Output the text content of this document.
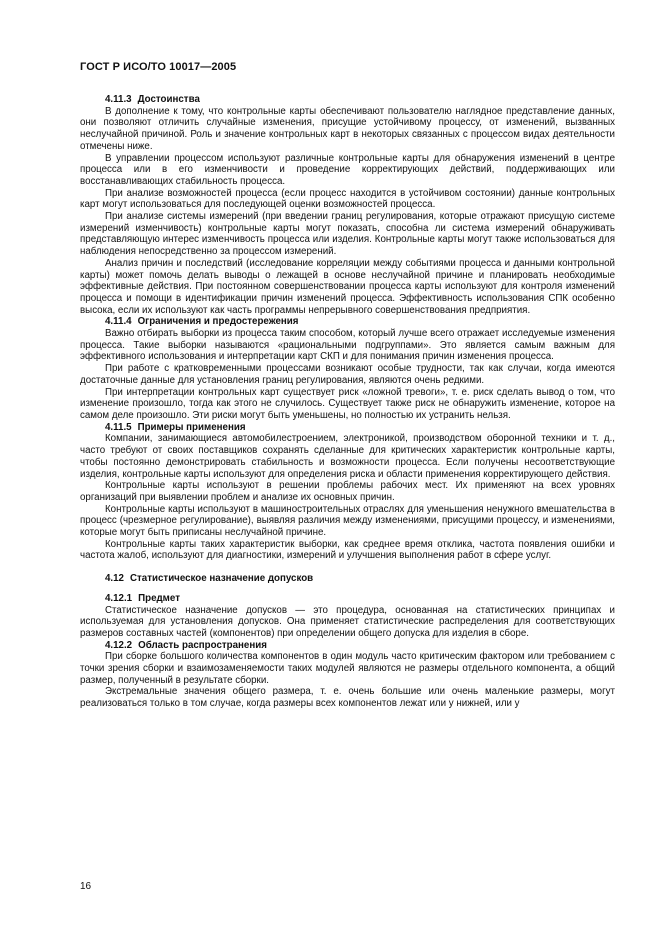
ГОСТ Р ИСО/ТО 10017—2005
4.11.3 Достоинства

В дополнение к тому, что контрольные карты обеспечивают пользователю наглядное представление данных, они позволяют отличить случайные изменения, присущие устойчивому процессу, от изменений, вызванных неслучайной причиной. Роль и значение контрольных карт в некоторых связанных с процессом видах деятельности отмечены ниже.

В управлении процессом используют различные контрольные карты для обнаружения изменений в центре процесса или в его изменчивости и проведение корректирующих действий, поддерживающих или восстанавливающих стабильность процесса.

При анализе возможностей процесса (если процесс находится в устойчивом состоянии) данные контрольных карт могут использоваться для последующей оценки возможностей процесса.

При анализе системы измерений (при введении границ регулирования, которые отражают присущую системе измерений изменчивость) контрольные карты могут показать, способна ли система измерений обнаруживать представляющую интерес изменчивость процесса или изделия. Контрольные карты могут также использоваться для наблюдения непосредственно за процессом измерений.

Анализ причин и последствий (исследование корреляции между событиями процесса и данными контрольной карты) может помочь делать выводы о лежащей в основе неслучайной причине и планировать необходимые эффективные действия. При постоянном совершенствовании процесса карты используют для контроля изменений процесса и помощи в идентификации причин изменений процесса. Эффективность использования СПК особенно высока, если их используют как часть программы непрерывного совершенствования предприятия.

4.11.4 Ограничения и предостережения

Важно отбирать выборки из процесса таким способом, который лучше всего отражает исследуемые изменения процесса. Такие выборки называются «рациональными подгруппами». Это является самым важным для эффективного использования и интерпретации карт СКП и для понимания причин изменения процесса.

При работе с кратковременными процессами возникают особые трудности, так как случаи, когда имеются достаточные данные для установления границ регулирования, являются очень редкими.

При интерпретации контрольных карт существует риск «ложной тревоги», т. е. риск сделать вывод о том, что изменение произошло, тогда как этого не случилось. Существует также риск не обнаружить изменение, которое на самом деле произошло. Эти риски могут быть уменьшены, но полностью их устранить нельзя.

4.11.5 Примеры применения

Компании, занимающиеся автомобилестроением, электроникой, производством оборонной техники и т. д., часто требуют от своих поставщиков сохранять сделанные для критических характеристик контрольные карты, чтобы постоянно демонстрировать стабильность и возможности процесса. Если получены несоответствующие изделия, контрольные карты используют для определения риска и области применения корректирующего действия.

Контрольные карты используют в решении проблемы рабочих мест. Их применяют на всех уровнях организаций при выявлении проблем и анализе их основных причин.

Контрольные карты используют в машиностроительных отраслях для уменьшения ненужного вмешательства в процесс (чрезмерное регулирование), выявляя различия между изменениями, присущими процессу, и изменениями, которые могут быть приписаны неслучайной причине.

Контрольные карты таких характеристик выборки, как среднее время отклика, частота появления ошибки и частота жалоб, используют для диагностики, измерений и улучшения выполнения работ в сфере услуг.

4.12 Статистическое назначение допусков
4.12.1 Предмет

Статистическое назначение допусков — это процедура, основанная на статистических принципах и используемая для установления допусков. Она применяет статистические распределения для соответствующих размеров составных частей (компонентов) при определении общего допуска для изделия в сборе.

4.12.2 Область распространения

При сборке большого количества компонентов в один модуль часто критическим фактором или требованием с точки зрения сборки и взаимозаменяемости таких модулей являются не размеры отдельного компонента, а общий размер, полученный в результате сборки.

Экстремальные значения общего размера, т. е. очень большие или очень маленькие размеры, могут реализоваться только в том случае, когда размеры всех компонентов лежат или у нижней, или у

16
